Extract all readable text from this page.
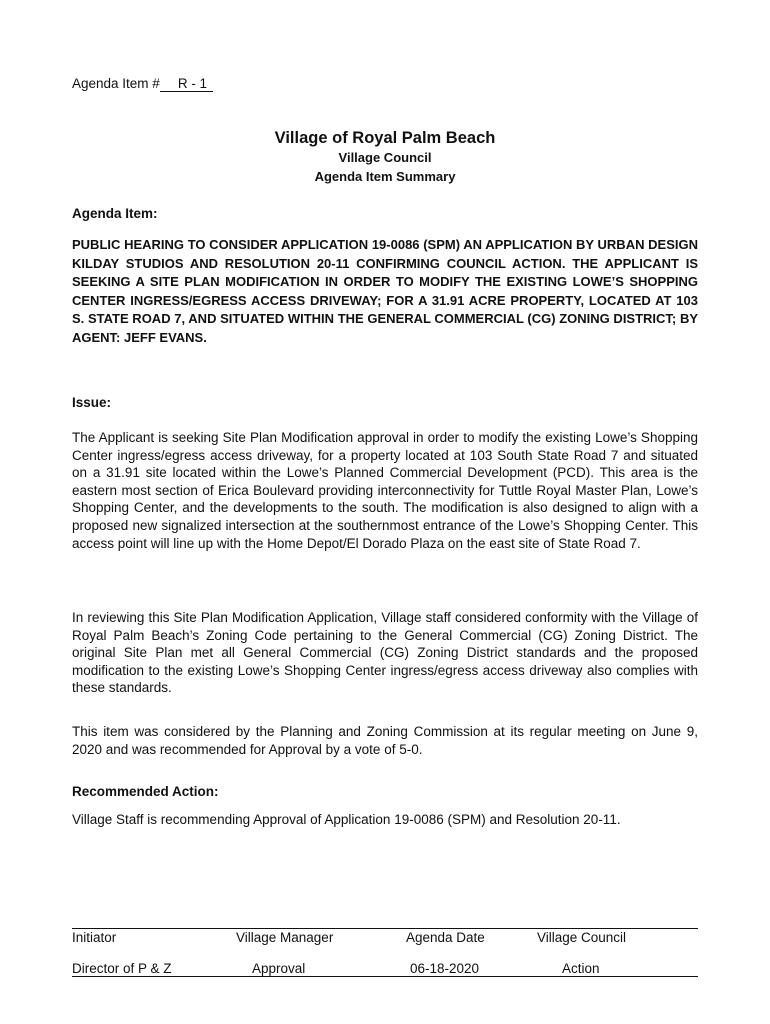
Agenda Item # R - 1
Village of Royal Palm Beach
Village Council
Agenda Item Summary
Agenda Item:
PUBLIC HEARING TO CONSIDER APPLICATION 19-0086 (SPM) AN APPLICATION BY URBAN DESIGN KILDAY STUDIOS AND RESOLUTION 20-11 CONFIRMING COUNCIL ACTION. THE APPLICANT IS SEEKING A SITE PLAN MODIFICATION IN ORDER TO MODIFY THE EXISTING LOWE’S SHOPPING CENTER INGRESS/EGRESS ACCESS DRIVEWAY; FOR A 31.91 ACRE PROPERTY, LOCATED AT 103 S. STATE ROAD 7, AND SITUATED WITHIN THE GENERAL COMMERCIAL (CG) ZONING DISTRICT; BY AGENT: JEFF EVANS.
Issue:
The Applicant is seeking Site Plan Modification approval in order to modify the existing Lowe’s Shopping Center ingress/egress access driveway, for a property located at 103 South State Road 7 and situated on a 31.91 site located within the Lowe’s Planned Commercial Development (PCD). This area is the eastern most section of Erica Boulevard providing interconnectivity for Tuttle Royal Master Plan, Lowe’s Shopping Center, and the developments to the south. The modification is also designed to align with a proposed new signalized intersection at the southernmost entrance of the Lowe’s Shopping Center. This access point will line up with the Home Depot/El Dorado Plaza on the east site of State Road 7.
In reviewing this Site Plan Modification Application, Village staff considered conformity with the Village of Royal Palm Beach’s Zoning Code pertaining to the General Commercial (CG) Zoning District. The original Site Plan met all General Commercial (CG) Zoning District standards and the proposed modification to the existing Lowe’s Shopping Center ingress/egress access driveway also complies with these standards.
This item was considered by the Planning and Zoning Commission at its regular meeting on June 9, 2020 and was recommended for Approval by a vote of 5-0.
Recommended Action:
Village Staff is recommending Approval of Application 19-0086 (SPM) and Resolution 20-11.
Initiator	Village Manager	Agenda Date	Village Council
Director of P & Z	Approval	06-18-2020	Action
